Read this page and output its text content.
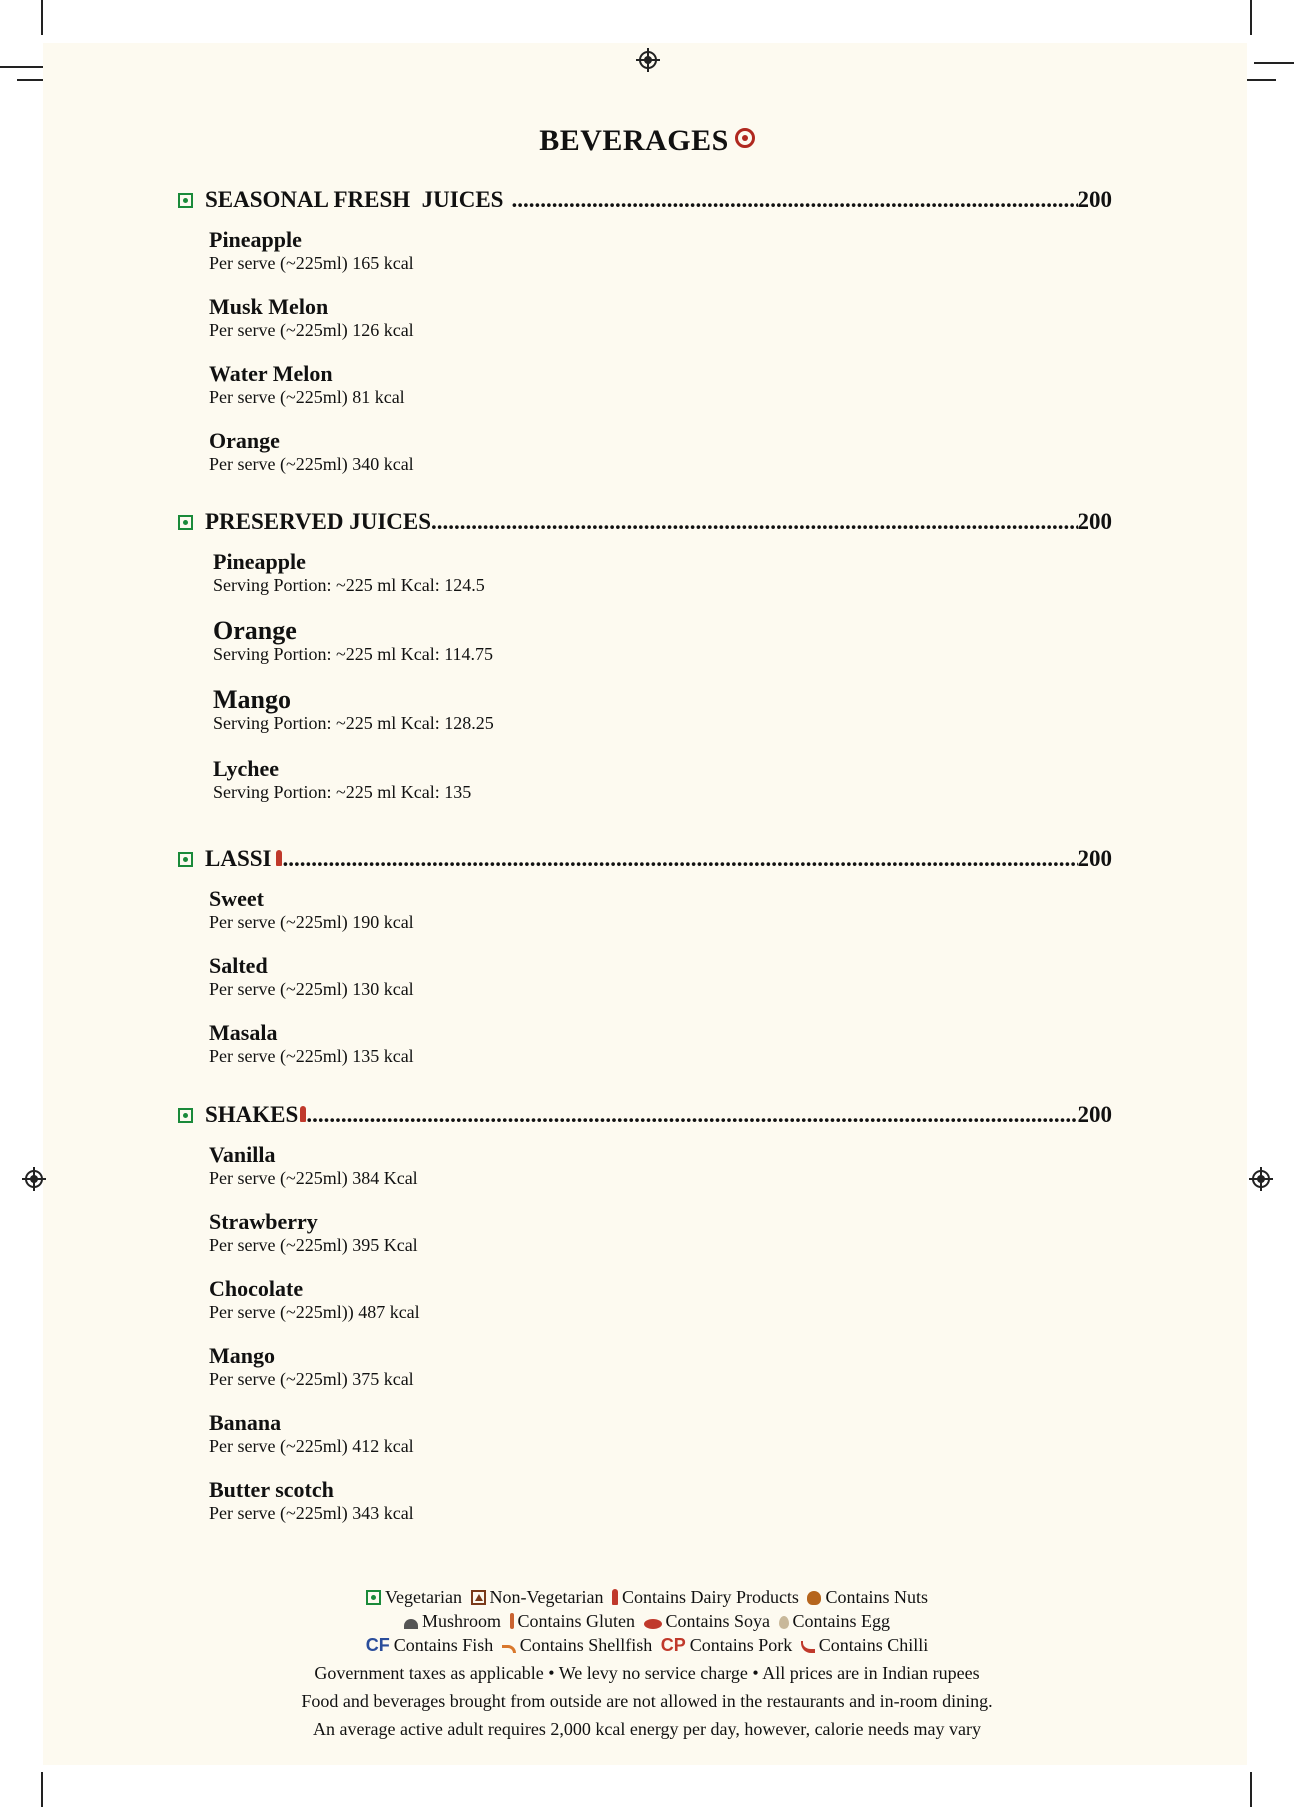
BEVERAGES
SEASONAL FRESH  JUICES .....	200
Pineapple
Per serve (~225ml) 165 kcal
Musk Melon
Per serve (~225ml) 126 kcal
Water Melon
Per serve (~225ml) 81 kcal
Orange
Per serve (~225ml) 340 kcal
PRESERVED JUICES .....	200
Pineapple
Serving Portion: ~225 ml Kcal: 124.5
Orange
Serving Portion: ~225 ml Kcal: 114.75
Mango
Serving Portion: ~225 ml Kcal: 128.25
Lychee
Serving Portion: ~225 ml Kcal: 135
LASSI .....	200
Sweet
Per serve (~225ml) 190 kcal
Salted
Per serve (~225ml) 130 kcal
Masala
Per serve (~225ml) 135 kcal
SHAKES .....	200
Vanilla
Per serve (~225ml) 384 Kcal
Strawberry
Per serve (~225ml) 395 Kcal
Chocolate
Per serve (~225ml)) 487 kcal
Mango
Per serve (~225ml) 375 kcal
Banana
Per serve (~225ml) 412 kcal
Butter scotch
Per serve (~225ml) 343 kcal
Vegetarian Non-Vegetarian Contains Dairy Products Contains Nuts
Mushroom Contains Gluten Contains Soya Contains Egg
CF Contains Fish Contains Shellfish CP Contains Pork Contains Chilli
Government taxes as applicable • We levy no service charge • All prices are in Indian rupees
Food and beverages brought from outside are not allowed in the restaurants and in-room dining.
An average active adult requires 2,000 kcal energy per day, however, calorie needs may vary
